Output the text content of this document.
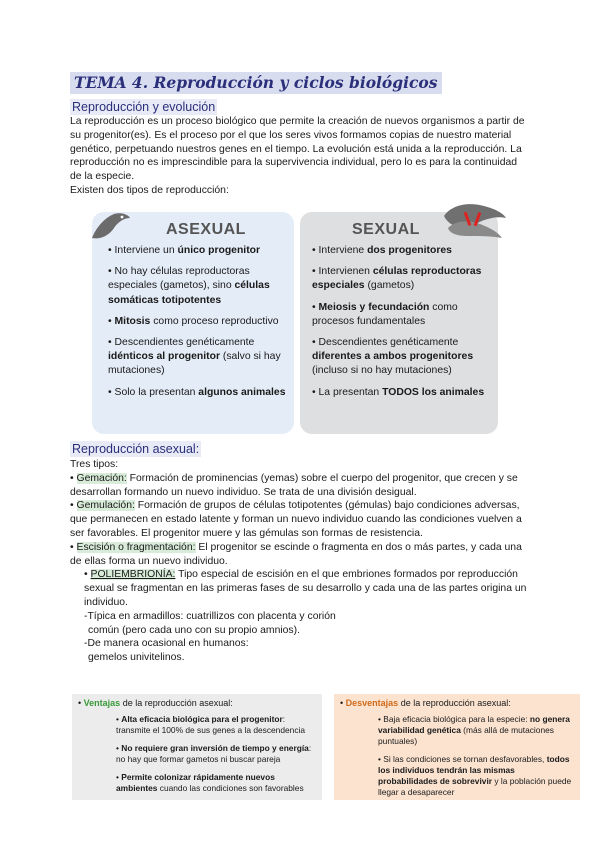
TEMA 4. Reproducción y ciclos biológicos
Reproducción y evolución

La reproducción es un proceso biológico que permite la creación de nuevos organismos a partir de su progenitor(es). Es el proceso por el que los seres vivos formamos copias de nuestro material genético, perpetuando nuestros genes en el tiempo. La evolución está unida a la reproducción. La reproducción no es imprescindible para la supervivencia individual, pero lo es para la continuidad de la especie.

Existen dos tipos de reproducción:

ASEXUAL
• Interviene un único progenitor
• No hay células reproductoras especiales (gametos), sino células somáticas totipotentes
• Mitosis como proceso reproductivo
• Descendientes genéticamente idénticos al progenitor (salvo si hay mutaciones)
• Solo la presentan algunos animales
SEXUAL
• Interviene dos progenitores
• Intervienen células reproductoras especiales (gametos)
• Meiosis y fecundación como procesos fundamentales
• Descendientes genéticamente diferentes a ambos progenitores (incluso si no hay mutaciones)
• La presentan TODOS los animales
Reproducción asexual:

Tres tipos:

• Gemación: Formación de prominencias (yemas) sobre el cuerpo del progenitor, que crecen y se desarrollan formando un nuevo individuo. Se trata de una división desigual.

• Gemulación: Formación de grupos de células totipotentes (gémulas) bajo condiciones adversas, que permanecen en estado latente y forman un nuevo individuo cuando las condiciones vuelven a ser favorables. El progenitor muere y las gémulas son formas de resistencia.

• Escisión o fragmentación: El progenitor se escinde o fragmenta en dos o más partes, y cada una de ellas forma un nuevo individuo.

• POLIEMBRIONÍA: Tipo especial de escisión en el que embriones formados por reproducción sexual se fragmentan en las primeras fases de su desarrollo y cada una de las partes origina un individuo.

-Típica en armadillos: cuatrillizos con placenta y corión

común (pero cada uno con su propio amnios).

-De manera ocasional en humanos:

gemelos univitelinos.

• Ventajas de la reproducción asexual:
• Alta eficacia biológica para el progenitor: transmite el 100% de sus genes a la descendencia
• No requiere gran inversión de tiempo y energía: no hay que formar gametos ni buscar pareja
• Permite colonizar rápidamente nuevos ambientes cuando las condiciones son favorables
• Desventajas de la reproducción asexual:
• Baja eficacia biológica para la especie: no genera variabilidad genética (más allá de mutaciones puntuales)
• Si las condiciones se tornan desfavorables, todos los individuos tendrán las mismas probabilidades de sobrevivir y la población puede llegar a desaparecer
